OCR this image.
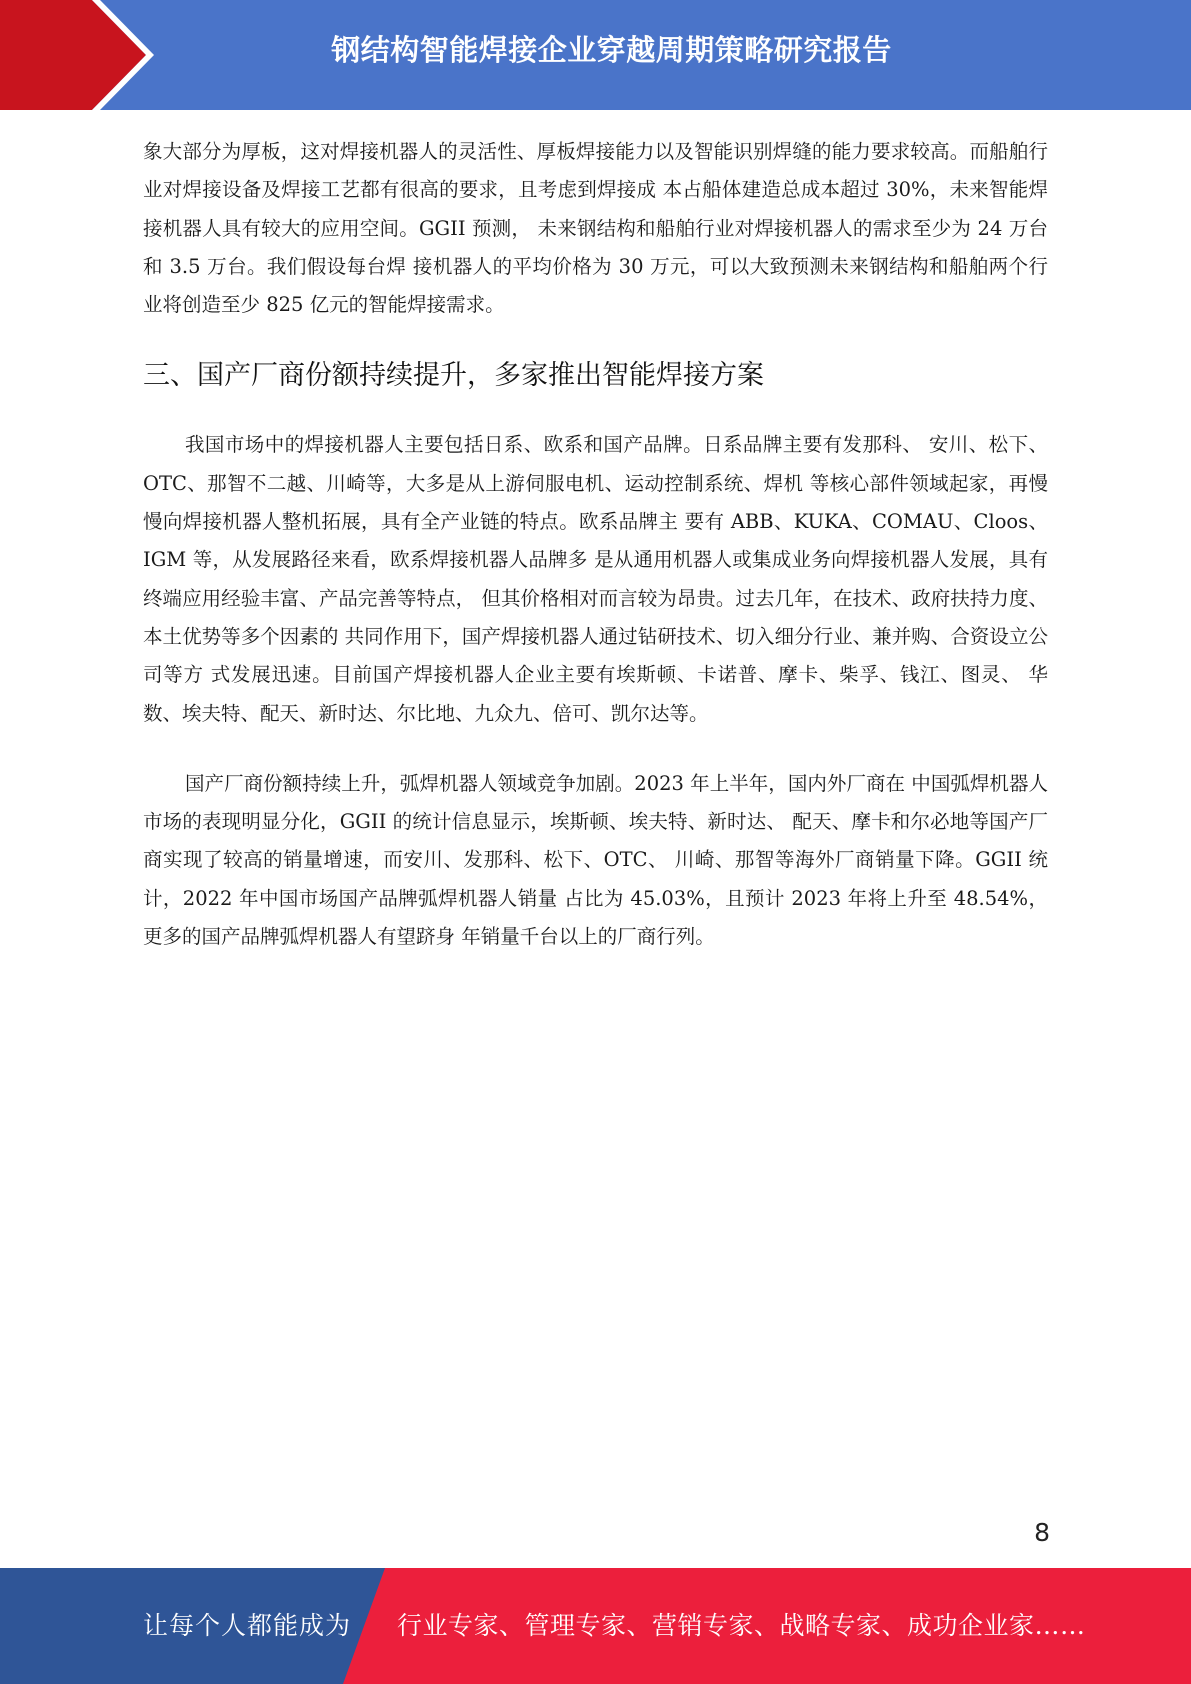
钢结构智能焊接企业穿越周期策略研究报告

象大部分为厚板，这对焊接机器人的灵活性、厚板焊接能力以及智能识别焊缝的能力要求较高。而船舶行业对焊接设备及焊接工艺都有很高的要求，且考虑到焊接成 本占船体建造总成本超过 30%，未来智能焊接机器人具有较大的应用空间。GGII 预测， 未来钢结构和船舶行业对焊接机器人的需求至少为 24 万台和 3.5 万台。我们假设每台焊 接机器人的平均价格为 30 万元，可以大致预测未来钢结构和船舶两个行业将创造至少 825 亿元的智能焊接需求。

三、国产厂商份额持续提升，多家推出智能焊接方案

我国市场中的焊接机器人主要包括日系、欧系和国产品牌。日系品牌主要有发那科、 安川、松下、OTC、那智不二越、川崎等，大多是从上游伺服电机、运动控制系统、焊机 等核心部件领域起家，再慢慢向焊接机器人整机拓展，具有全产业链的特点。欧系品牌主 要有 ABB、KUKA、COMAU、Cloos、IGM 等，从发展路径来看，欧系焊接机器人品牌多 是从通用机器人或集成业务向焊接机器人发展，具有终端应用经验丰富、产品完善等特点， 但其价格相对而言较为昂贵。过去几年，在技术、政府扶持力度、本土优势等多个因素的 共同作用下，国产焊接机器人通过钻研技术、切入细分行业、兼并购、合资设立公司等方 式发展迅速。目前国产焊接机器人企业主要有埃斯顿、卡诺普、摩卡、柴孚、钱江、图灵、 华数、埃夫特、配天、新时达、尔比地、九众九、倍可、凯尔达等。

国产厂商份额持续上升，弧焊机器人领域竞争加剧。2023 年上半年，国内外厂商在 中国弧焊机器人市场的表现明显分化，GGII 的统计信息显示，埃斯顿、埃夫特、新时达、 配天、摩卡和尔必地等国产厂商实现了较高的销量增速，而安川、发那科、松下、OTC、 川崎、那智等海外厂商销量下降。GGII 统计，2022 年中国市场国产品牌弧焊机器人销量 占比为 45.03%，且预计 2023 年将上升至 48.54%，更多的国产品牌弧焊机器人有望跻身 年销量千台以上的厂商行列。

8
让每个人都能成为 行业专家、管理专家、营销专家、战略专家、成功企业家……
